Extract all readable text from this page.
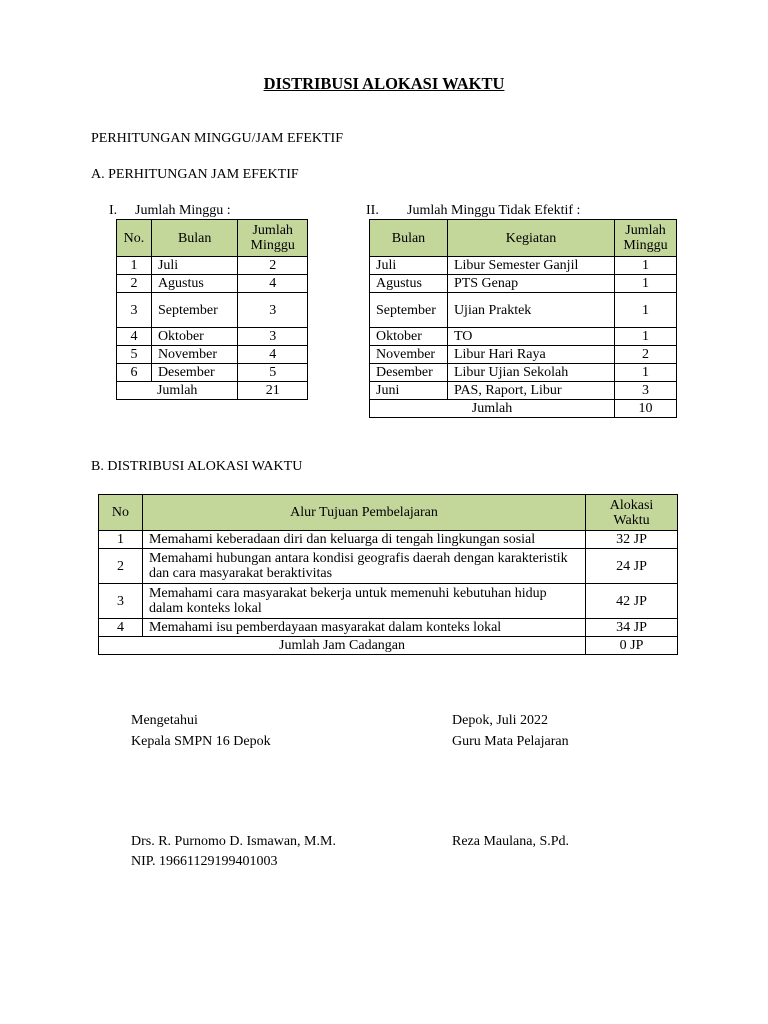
DISTRIBUSI ALOKASI WAKTU
PERHITUNGAN MINGGU/JAM EFEKTIF
A. PERHITUNGAN JAM EFEKTIF
I. Jumlah Minggu :
No.	Bulan	Jumlah Minggu
1	Juli	2
2	Agustus	4
3	September	3
4	Oktober	3
5	November	4
6	Desember	5
Jumlah		21
II. Jumlah Minggu Tidak Efektif :
Bulan	Kegiatan	Jumlah Minggu
Juli	Libur Semester Ganjil	1
Agustus	PTS Genap	1
September	Ujian Praktek	1
Oktober	TO	1
November	Libur Hari Raya	2
Desember	Libur Ujian Sekolah	1
Juni	PAS, Raport, Libur	3
Jumlah		10
B. DISTRIBUSI ALOKASI WAKTU
No	Alur Tujuan Pembelajaran	Alokasi Waktu
1	Memahami keberadaan diri dan keluarga di tengah lingkungan sosial	32 JP
2	Memahami hubungan antara kondisi geografis daerah dengan karakteristik dan cara masyarakat beraktivitas	24 JP
3	Memahami cara masyarakat bekerja untuk memenuhi kebutuhan hidup dalam konteks lokal	42 JP
4	Memahami isu pemberdayaan masyarakat dalam konteks lokal	34 JP
Jumlah Jam Cadangan		0 JP
Mengetahui
Kepala SMPN 16 Depok
Drs. R. Purnomo D. Ismawan, M.M.
NIP. 19661129199401003
Depok, Juli 2022
Guru Mata Pelajaran
Reza Maulana, S.Pd.
